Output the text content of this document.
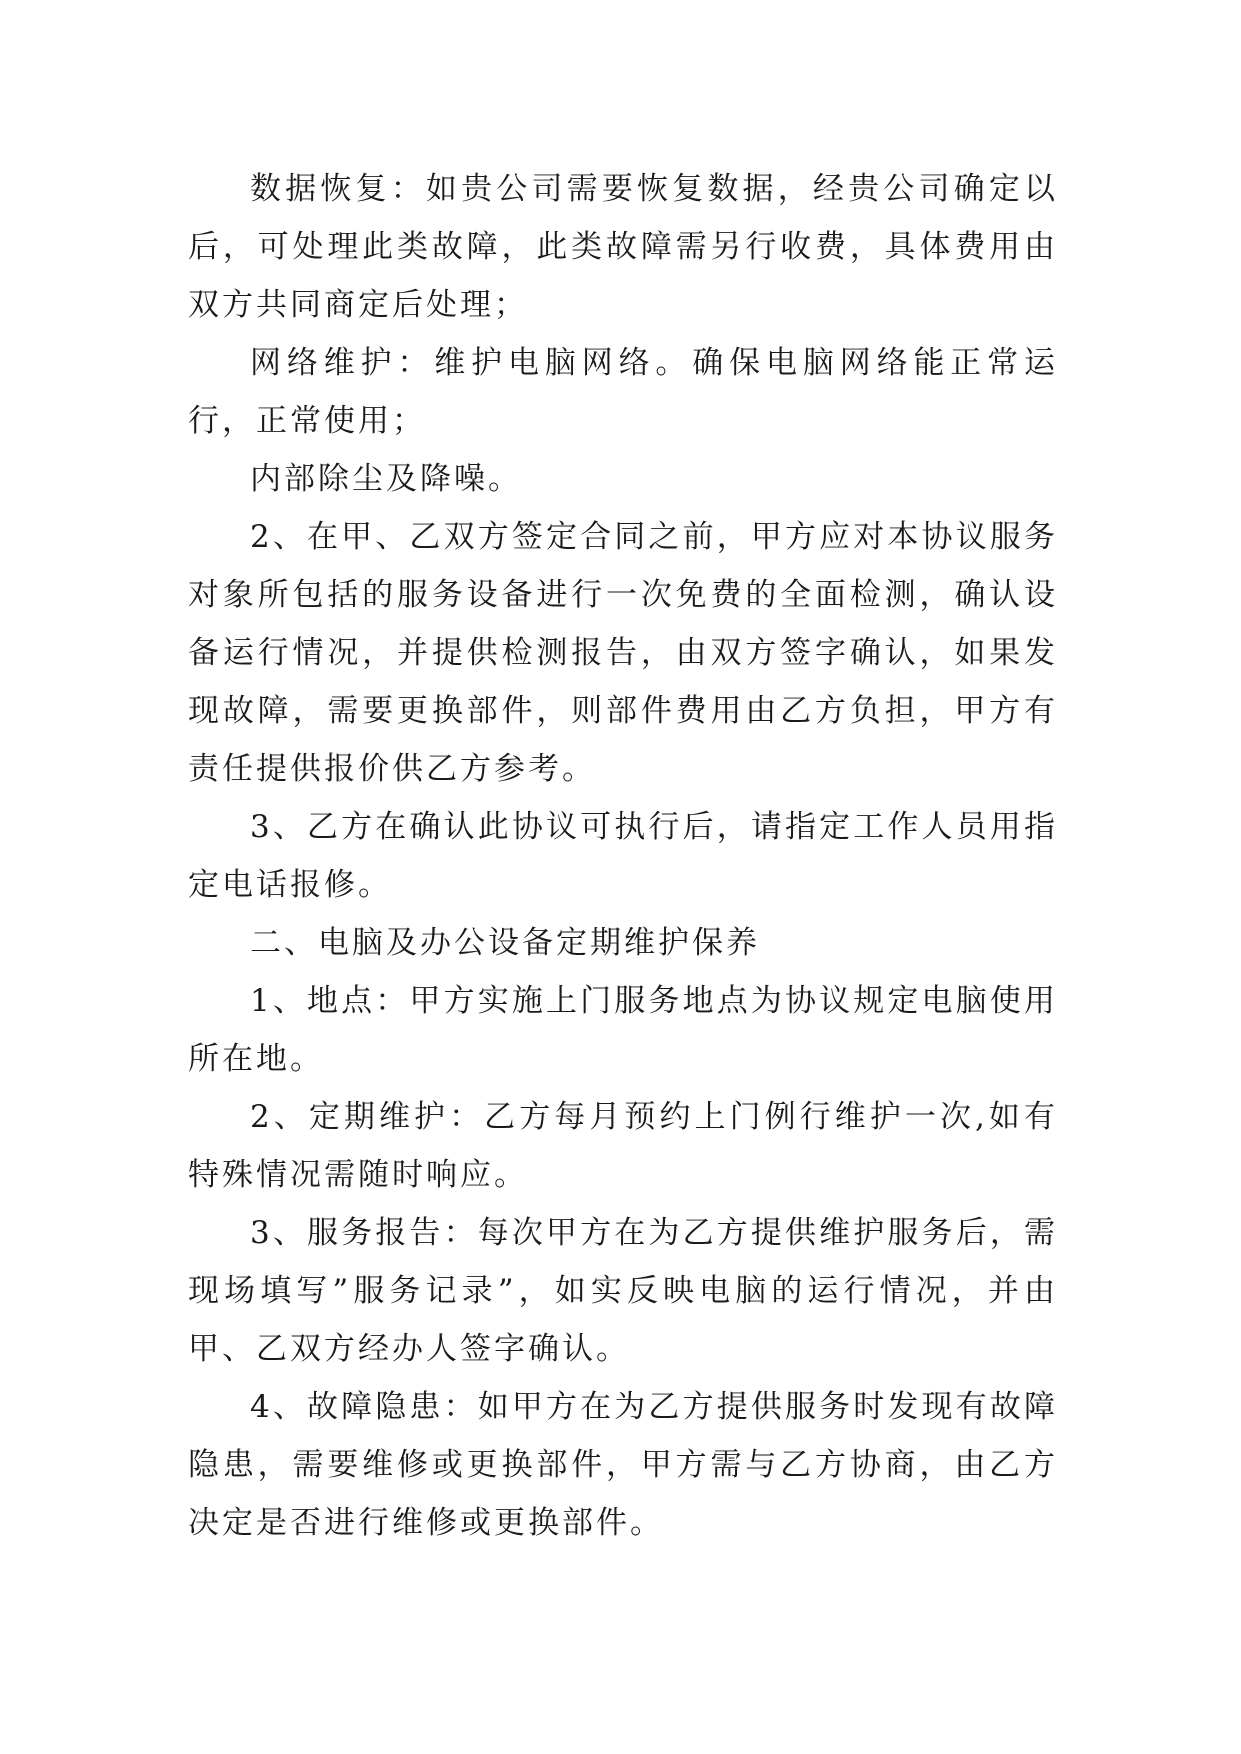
数据恢复：如贵公司需要恢复数据，经贵公司确定以后，可处理此类故障，此类故障需另行收费，具体费用由双方共同商定后处理；

网络维护：维护电脑网络。确保电脑网络能正常运行，正常使用；

内部除尘及降噪。

2、在甲、乙双方签定合同之前，甲方应对本协议服务对象所包括的服务设备进行一次免费的全面检测，确认设备运行情况，并提供检测报告，由双方签字确认，如果发现故障，需要更换部件，则部件费用由乙方负担，甲方有责任提供报价供乙方参考。

3、乙方在确认此协议可执行后，请指定工作人员用指定电话报修。

二、电脑及办公设备定期维护保养

1、地点：甲方实施上门服务地点为协议规定电脑使用所在地。

2、定期维护：乙方每月预约上门例行维护一次,如有特殊情况需随时响应。

3、服务报告：每次甲方在为乙方提供维护服务后，需现场填写”服务记录”，如实反映电脑的运行情况，并由甲、乙双方经办人签字确认。

4、故障隐患：如甲方在为乙方提供服务时发现有故障隐患，需要维修或更换部件，甲方需与乙方协商，由乙方决定是否进行维修或更换部件。
